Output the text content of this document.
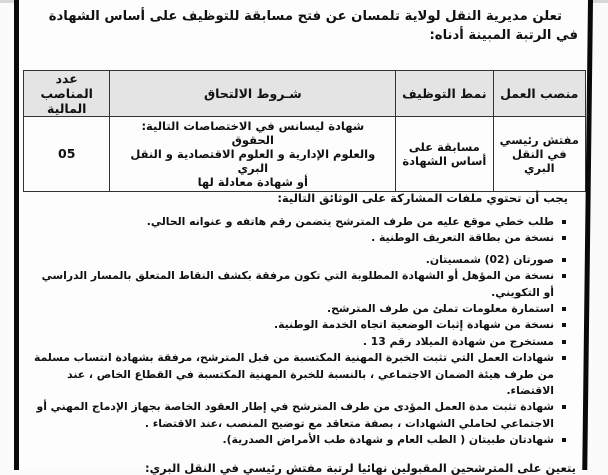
تعلن مديرية النقل لولاية تلمسان عن فتح مسابقة للتوظيف على أساس الشهادة في الرتبة المبينة أدناه:

منصب العمل	نمط التوظيف	شـروط الالتحاق	عدد المناصب المالية
مفتش رئيسي في النقل البري	مسابقة على أساس الشهادة	شهادة ليسانس في الاختصاصات التالية:
الحقوق
والعلوم الإدارية و العلوم الاقتصادية و النقل البري
أو شهادة معادلة لها	05
يجب أن تحتوي ملفات المشاركة على الوثائق التالية:
طلب خطي موقع عليه من طرف المترشح يتضمن رقم هاتفه و عنوانه الحالي.
نسخة من بطاقة التعريف الوطنية .
صورتان (02) شمسيتان.
نسخة من المؤهل أو الشهادة المطلوبة التي تكون مرفقة بكشف النقاط المتعلق بالمسار الدراسي أو التكويني.
استمارة معلومات تملئ من طرف المترشح.
نسخة من شهادة إثبات الوضعية اتجاه الخدمة الوطنية.
مستخرج من شهادة الميلاد رقم 13 .
شهادات العمل التي تثبت الخبرة المهنية المكتسبة من قبل المترشح، مرفقة بشهادة انتساب مسلمة من طرف هيئة الضمان الاجتماعي ، بالنسبة للخبرة المهنية المكتسبة في القطاع الخاص ، عند الاقتضاء.
شهادة تثبت مدة العمل المؤدى من طرف المترشح في إطار العقود الخاصة بجهاز الإدماج المهني أو الاجتماعي لحاملي الشهادات ، بصفة متعاقد مع توضيح المنصب ،عند الاقتضاء .
شهادتان طبيتان ( الطب العام و شهادة طب الأمراض الصدرية).
يتعين على المترشحين المقبولين نهائيا لرتبة مفتش رئيسي في النقل البري:
